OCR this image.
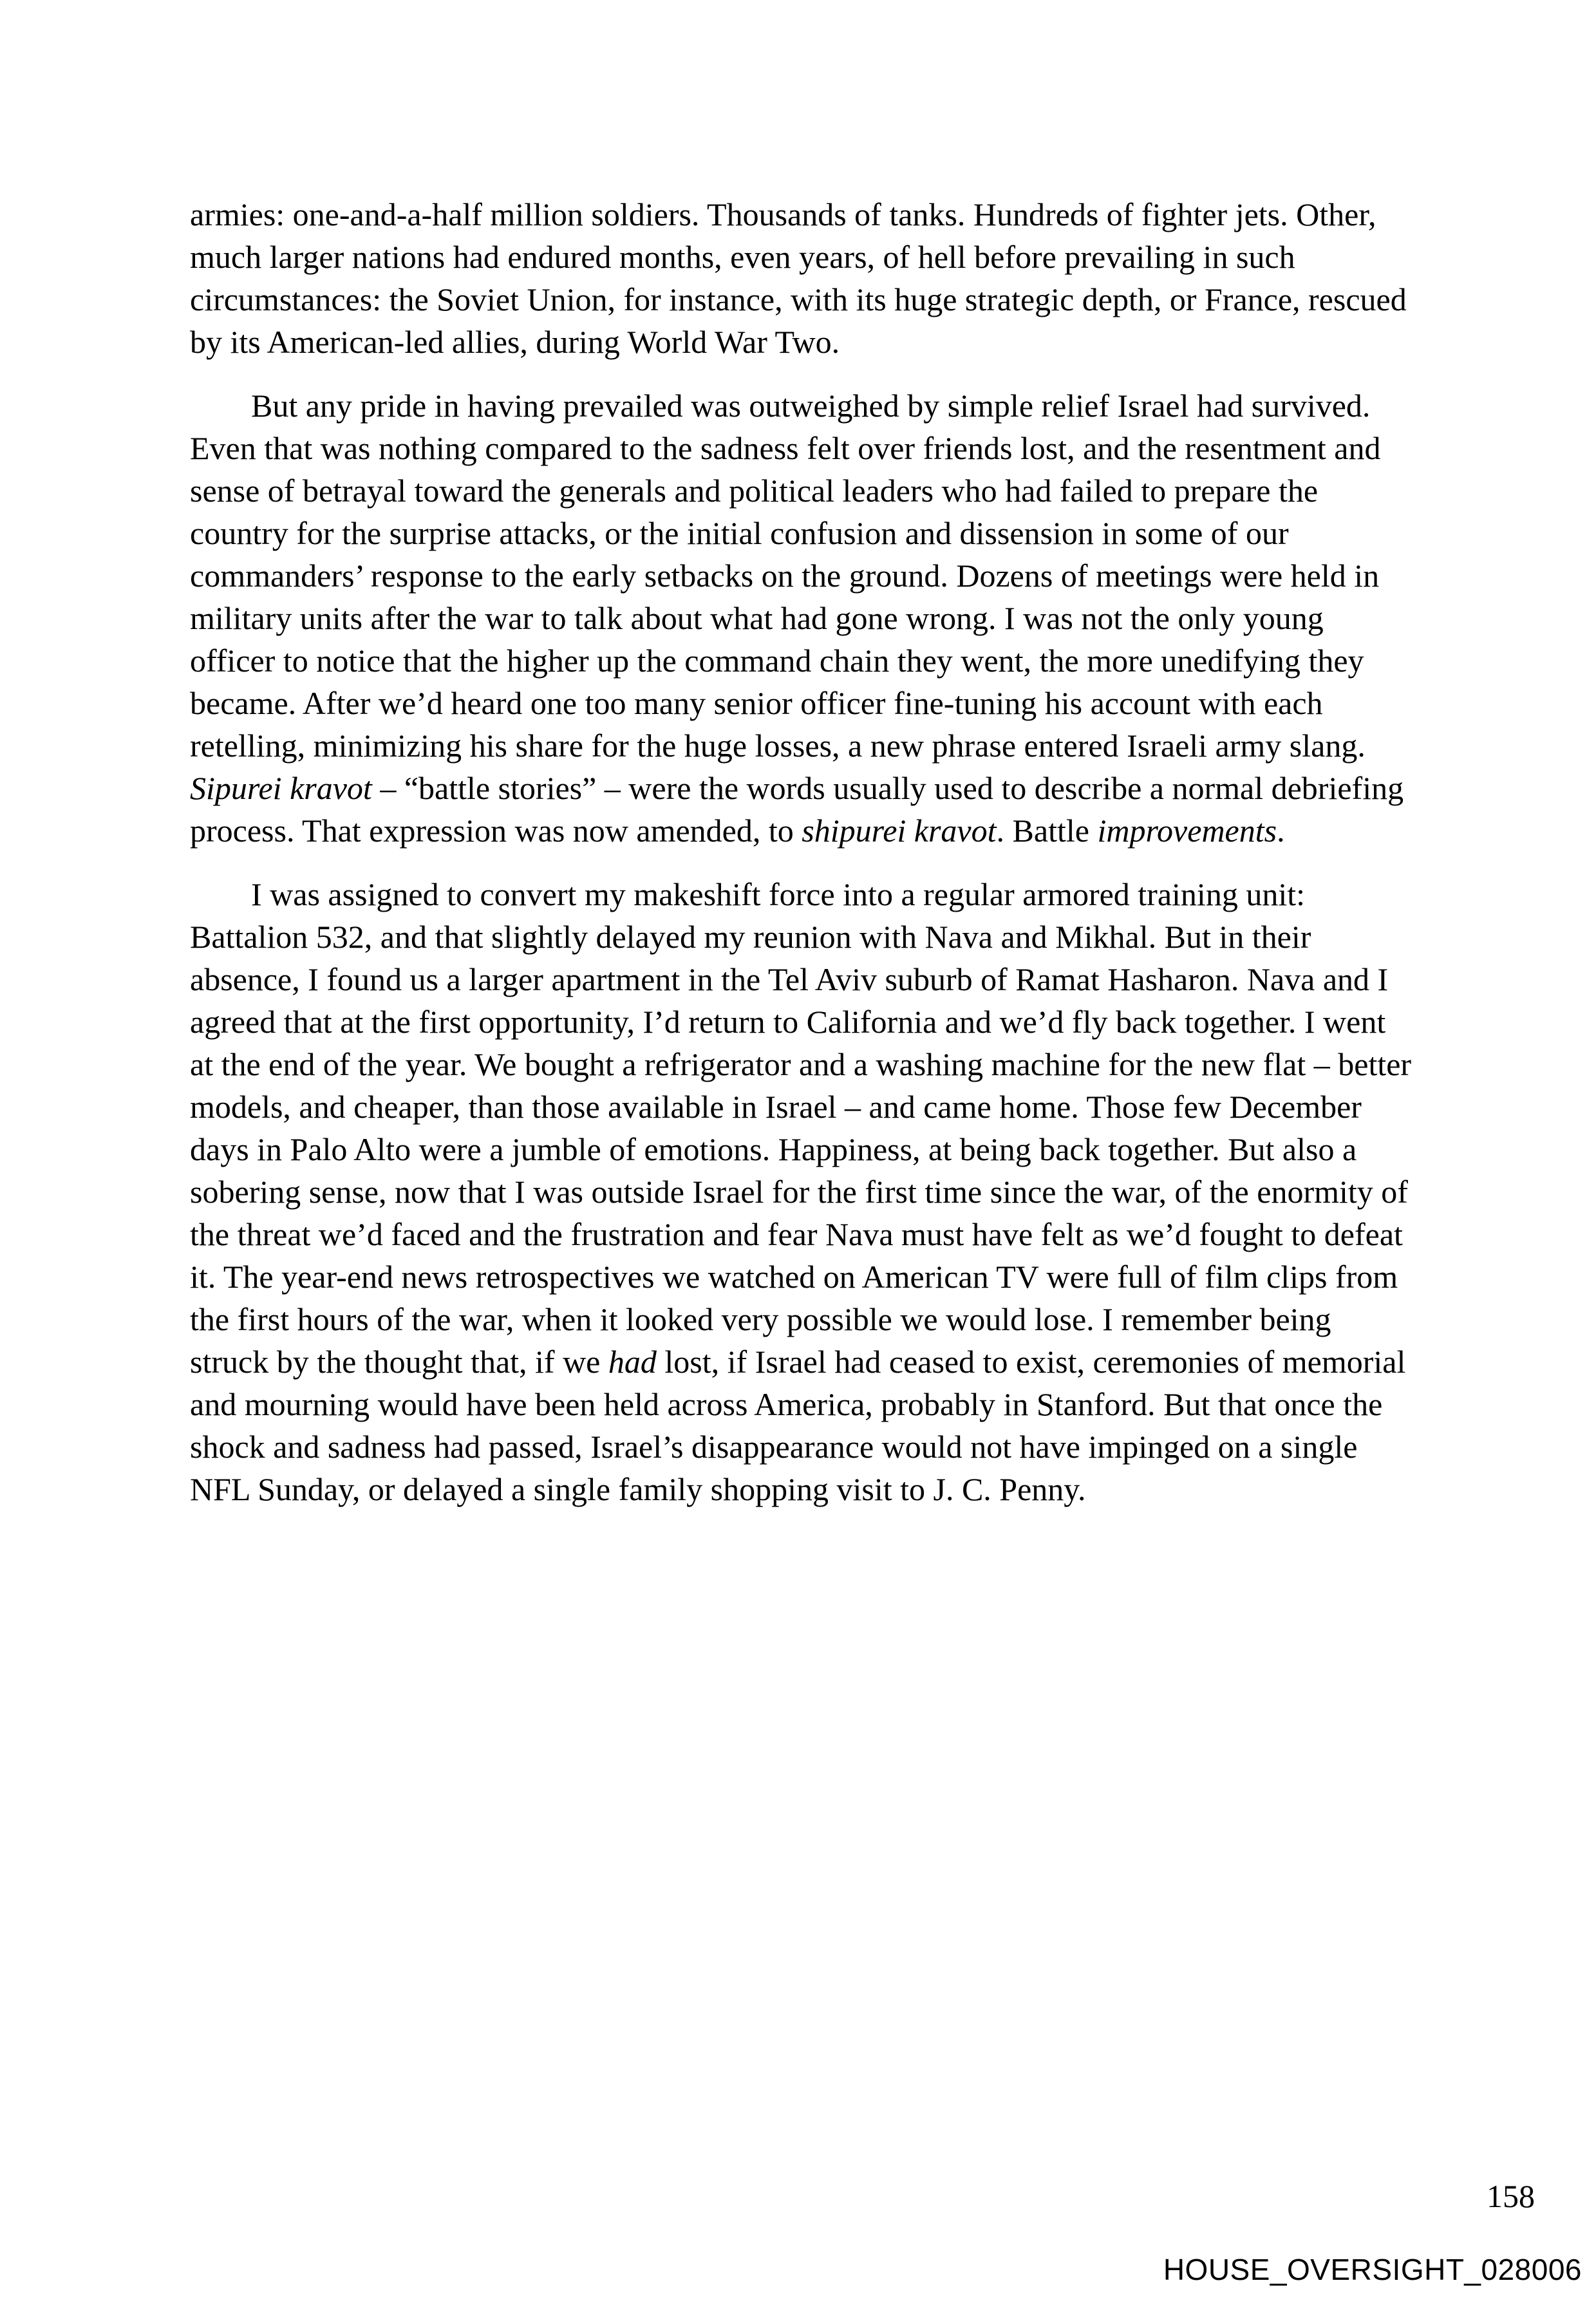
armies: one-and-a-half million soldiers. Thousands of tanks. Hundreds of fighter jets. Other, much larger nations had endured months, even years, of hell before prevailing in such circumstances: the Soviet Union, for instance, with its huge strategic depth, or France, rescued by its American-led allies, during World War Two.

But any pride in having prevailed was outweighed by simple relief Israel had survived. Even that was nothing compared to the sadness felt over friends lost, and the resentment and sense of betrayal toward the generals and political leaders who had failed to prepare the country for the surprise attacks, or the initial confusion and dissension in some of our commanders’ response to the early setbacks on the ground. Dozens of meetings were held in military units after the war to talk about what had gone wrong. I was not the only young officer to notice that the higher up the command chain they went, the more unedifying they became. After we’d heard one too many senior officer fine-tuning his account with each retelling, minimizing his share for the huge losses, a new phrase entered Israeli army slang. Sipurei kravot – “battle stories” – were the words usually used to describe a normal debriefing process. That expression was now amended, to shipurei kravot. Battle improvements.

I was assigned to convert my makeshift force into a regular armored training unit: Battalion 532, and that slightly delayed my reunion with Nava and Mikhal. But in their absence, I found us a larger apartment in the Tel Aviv suburb of Ramat Hasharon. Nava and I agreed that at the first opportunity, I’d return to California and we’d fly back together. I went at the end of the year. We bought a refrigerator and a washing machine for the new flat – better models, and cheaper, than those available in Israel – and came home. Those few December days in Palo Alto were a jumble of emotions. Happiness, at being back together. But also a sobering sense, now that I was outside Israel for the first time since the war, of the enormity of the threat we’d faced and the frustration and fear Nava must have felt as we’d fought to defeat it. The year-end news retrospectives we watched on American TV were full of film clips from the first hours of the war, when it looked very possible we would lose. I remember being struck by the thought that, if we had lost, if Israel had ceased to exist, ceremonies of memorial and mourning would have been held across America, probably in Stanford. But that once the shock and sadness had passed, Israel’s disappearance would not have impinged on a single NFL Sunday, or delayed a single family shopping visit to J. C. Penny.

158
HOUSE_OVERSIGHT_028006
